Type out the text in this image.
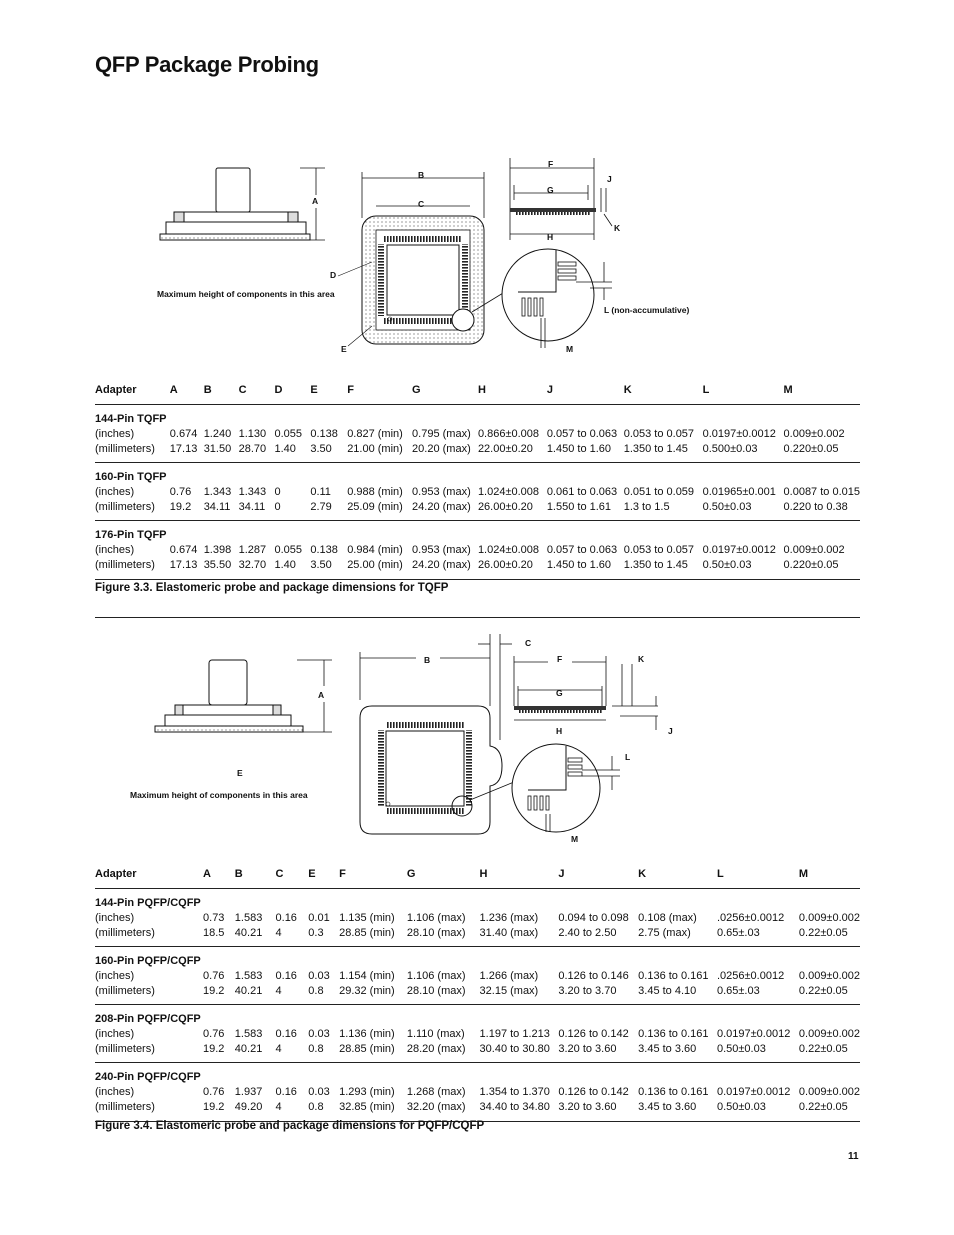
QFP Package Probing
A
B
C
D
E
F
G
H
J
K
L (non-accumulative)
M
Maximum height of components in this area
Adapter	A	B	C	D	E	F	G	H	J	K	L	M
144-Pin TQFP												
(inches)	0.674	1.240	1.130	0.055	0.138	0.827 (min)	0.795 (max)	0.866±0.008	0.057 to 0.063	0.053 to 0.057	0.0197±0.0012	0.009±0.002
(millimeters)	17.13	31.50	28.70	1.40	3.50	21.00 (min)	20.20 (max)	22.00±0.20	1.450 to 1.60	1.350 to 1.45	0.500±0.03	0.220±0.05
160-Pin TQFP												
(inches)	0.76	1.343	1.343	0	0.11	0.988 (min)	0.953 (max)	1.024±0.008	0.061 to 0.063	0.051 to 0.059	0.01965±0.001	0.0087 to 0.015
(millimeters)	19.2	34.11	34.11	0	2.79	25.09 (min)	24.20 (max)	26.00±0.20	1.550 to 1.61	1.3 to 1.5	0.50±0.03	0.220 to 0.38
176-Pin TQFP												
(inches)	0.674	1.398	1.287	0.055	0.138	0.984 (min)	0.953 (max)	1.024±0.008	0.057 to 0.063	0.053 to 0.057	0.0197±0.0012	0.009±0.002
(millimeters)	17.13	35.50	32.70	1.40	3.50	25.00 (min)	24.20 (max)	26.00±0.20	1.450 to 1.60	1.350 to 1.45	0.50±0.03	0.220±0.05
Figure 3.3. Elastomeric probe and package dimensions for TQFP
A
B
C
E
F
G
H
K
J
L
M
Maximum height of components in this area
Adapter	A	B	C	E	F	G	H	J	K	L	M
144-Pin PQFP/CQFP											
(inches)	0.73	1.583	0.16	0.01	1.135 (min)	1.106 (max)	1.236 (max)	0.094 to 0.098	0.108 (max)	.0256±0.0012	0.009±0.002
(millimeters)	18.5	40.21	4	0.3	28.85 (min)	28.10 (max)	31.40 (max)	2.40 to 2.50	2.75 (max)	0.65±.03	0.22±0.05
160-Pin PQFP/CQFP											
(inches)	0.76	1.583	0.16	0.03	1.154 (min)	1.106 (max)	1.266 (max)	0.126 to 0.146	0.136 to 0.161	.0256±0.0012	0.009±0.002
(millimeters)	19.2	40.21	4	0.8	29.32 (min)	28.10 (max)	32.15 (max)	3.20 to 3.70	3.45 to 4.10	0.65±.03	0.22±0.05
208-Pin PQFP/CQFP											
(inches)	0.76	1.583	0.16	0.03	1.136 (min)	1.110 (max)	1.197 to 1.213	0.126 to 0.142	0.136 to 0.161	0.0197±0.0012	0.009±0.002
(millimeters)	19.2	40.21	4	0.8	28.85 (min)	28.20 (max)	30.40 to 30.80	3.20 to 3.60	3.45 to 3.60	0.50±0.03	0.22±0.05
240-Pin PQFP/CQFP											
(inches)	0.76	1.937	0.16	0.03	1.293 (min)	1.268 (max)	1.354 to 1.370	0.126 to 0.142	0.136 to 0.161	0.0197±0.0012	0.009±0.002
(millimeters)	19.2	49.20	4	0.8	32.85 (min)	32.20 (max)	34.40 to 34.80	3.20 to 3.60	3.45 to 3.60	0.50±0.03	0.22±0.05
Figure 3.4. Elastomeric probe and package dimensions for PQFP/CQFP
11
